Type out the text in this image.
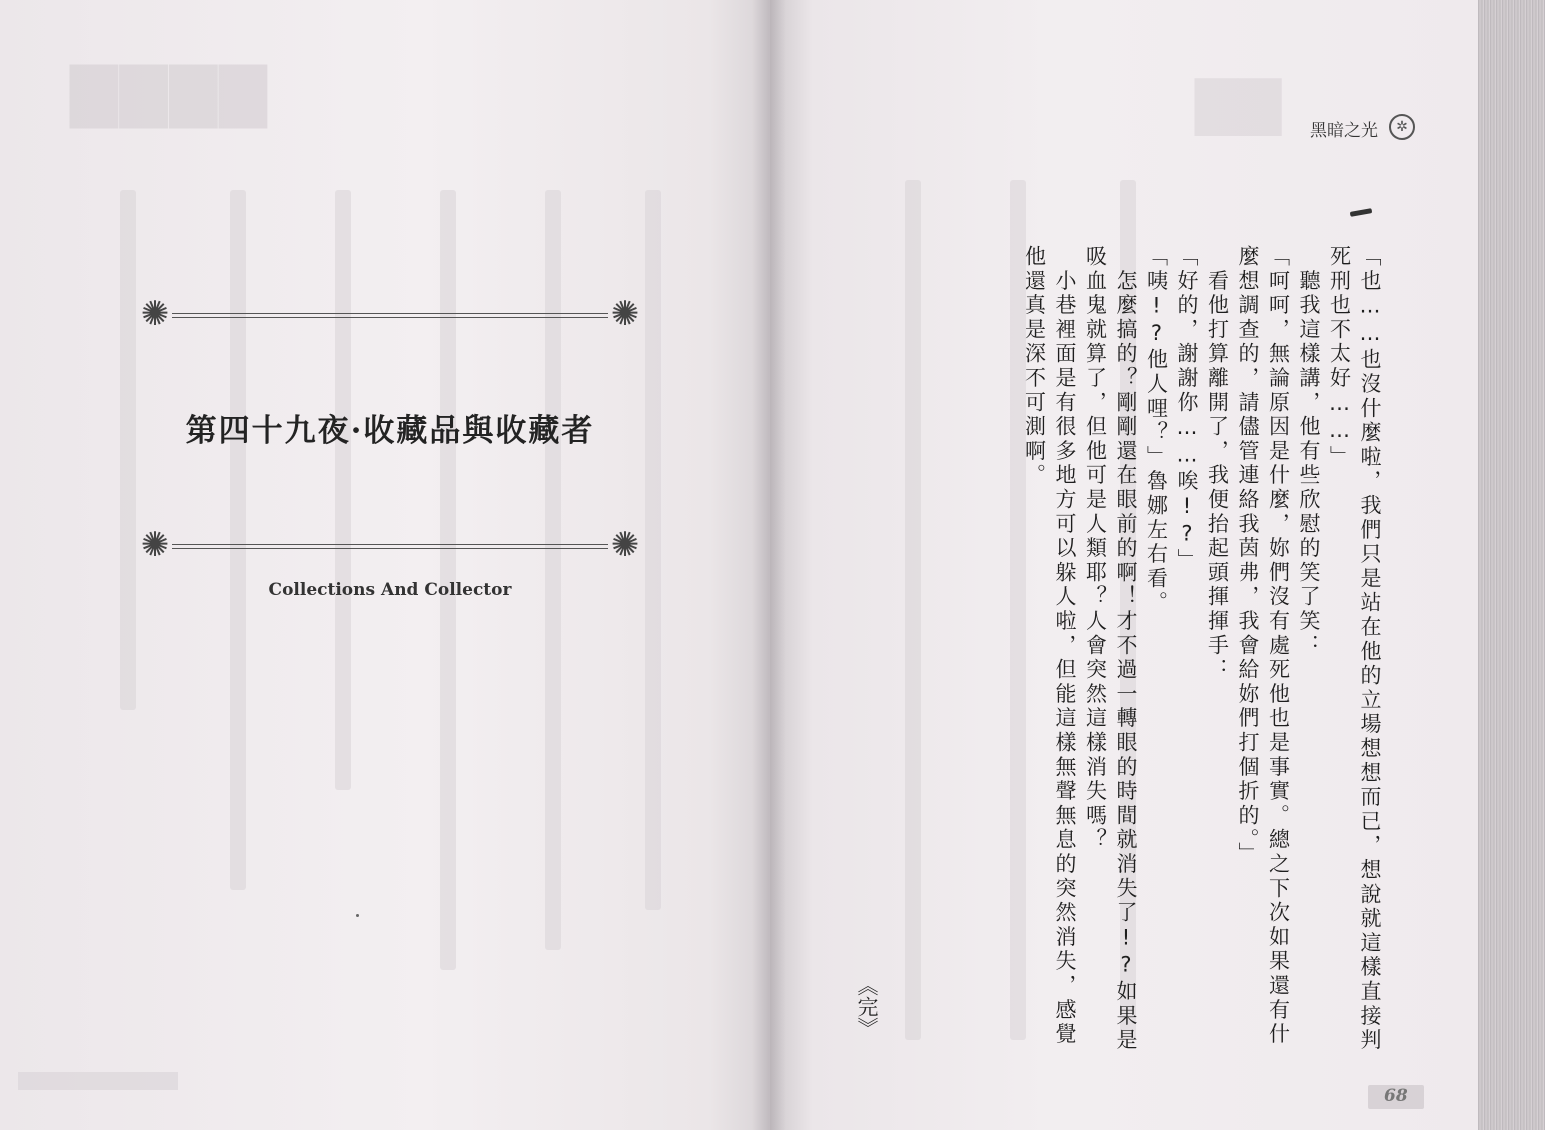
▇▇▇▇	▇▇
✺	✺
第四十九夜·收藏品與收藏者
✺	✺
Collections And Collector
黑暗之光	✲

「也……也沒什麼啦，我們只是站在他的立場想想而已，想說就這樣直接判死刑也不太好……」

　聽我這樣講，他有些欣慰的笑了笑：

「呵呵，無論原因是什麼，妳們沒有處死他也是事實。總之下次如果還有什麼想調查的，請儘管連絡我茵弗，我會給妳們打個折的。」

　看他打算離開了，我便抬起頭揮揮手：

「好的，謝謝你……唉!?」

「咦!?他人哩？」魯娜左右看。

　怎麼搞的？剛剛還在眼前的啊！才不過一轉眼的時間就消失了!?如果是吸血鬼就算了，但他可是人類耶？人會突然這樣消失嗎？

　小巷裡面是有很多地方可以躲人啦，但能這樣無聲無息的突然消失，感覺他還真是深不可測啊。

《完》
68
